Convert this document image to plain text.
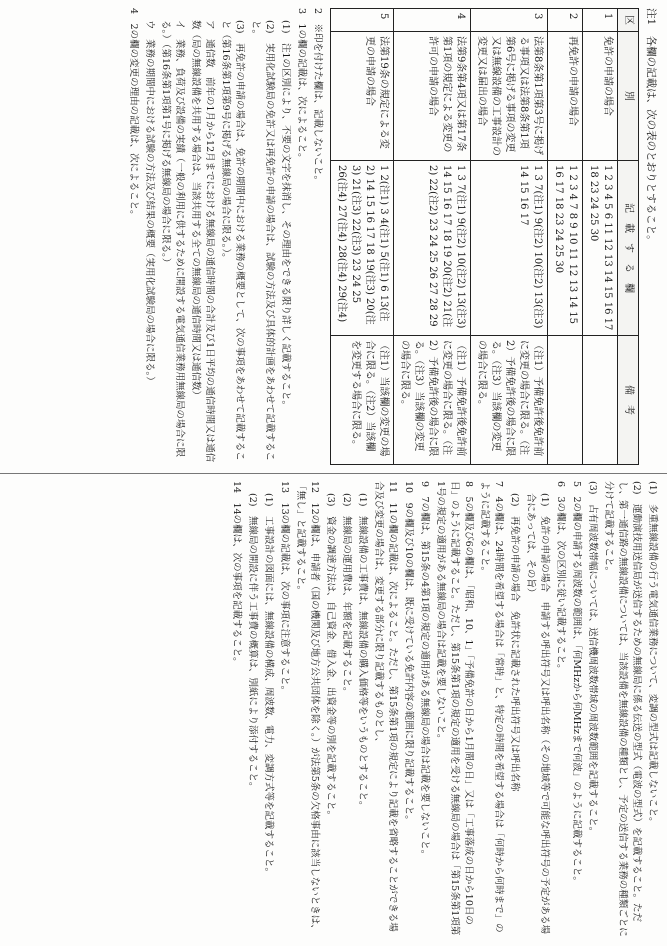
注1　各欄の記載は、次の表のとおりとすること。
区	別	記　載　す　る　欄	備　考
1	免許の申請の場合	1 2 3 4 5 6 11 12 13 14 15 16 17 18 23 24 25 30	
2	再免許の申請の場合	1 2 3 4 7 8 9 10 11 12 13 14 15 16 17 18 23 24 25 30	
3	法第8条第1項第3号に掲げる事項又は法第8条第1項第6号に掲げる事項の変更又は無線設備の工事設計の変更又は届出の場合	1 3 7(注1) 9(注2) 10(注2) 13(注3) 14 15 16 17	（注1）予備免許後免許前に変更の場合に限る。（注2）予備免許後の場合に限る。（注3）当該欄の変更の場合に限る。
4	法第9条第4項又は第17条第1項の規定による変更の許可の申請の場合	1 3 7(注1) 9(注2) 10(注2) 13(注3) 14 15 16 17 18 19 20(注2) 21(注2) 22(注2) 23 24 25 26 27 28 29	（注1）予備免許後免許前に変更の場合に限る。（注2）予備免許後の場合に限る。（注3）当該欄の変更の場合に限る。
5	法第19条の規定による変更の申請の場合	1 2(注1) 3 4(注1) 5(注1) 6 13(注2) 14 15 16 17 18 19(注3) 20(注3) 21(注3) 22(注3) 23 24 25 26(注4) 27(注4) 28(注4) 29(注4)	（注1）当該欄の変更の場合に限る。（注2）当該欄を変更する場合に限る。
2　※印を付けた欄は、記載しないこと。
3　1の欄の記載は、次によること。
(1)　注1の区別により、不要の文字を抹消し、その理由をできる限り詳しく記載すること。
(2)　実用化試験局の免許又は再免許の申請の場合は、試験の方法及び具体的計画をあわせて記載すること。
(3)　再免許の申請の場合は、免許の期間中における業務の概要として、次の事項をあわせて記載すること（第16条第1項第9号に掲げる無線局の場合に限る。）。
ア　通信数　前年の1月から12月までにおける無線局の通信時間の合計及び1日平均の通信時間又は通信数（局の無線設備を共用する場合は、当該共用する全ての無線局の通信時間又は通信数）
イ　業務、負荷及び設備の実績（一般の利用に供するために開設する電気通信業務用無線局の場合に限る。）（第16条第1項第1号に掲げる無線局の場合に限る。）
ウ　業務の期間中における試験の方法及び結果の概要（実用化試験局の場合に限る。）
4　2の欄の変更の理由の記載は、次によること。
(1)　多重無線設備の行う電気通信業務について、変調の型式は記載しないこと。
(2)　運動演技用送信局が送信するための無線局に係る伝送の型式（電波の型式）を記載すること。ただし、第一通信路の無線設備については、当該設備を無線設備の種類とし、予定の送信する業務の種類ごとに分けて記載すること。
(3)　占有周波数帯幅については、送信機周波数帯域の周波数範囲を記載すること。
5　2の欄の申請する周波数の範囲は、「何MHzから何MHzまで何波」のように記載すること。
6　3の欄は、次の区別に従い記載すること。
(1)　免許の申請の場合　申請する呼出符号又は呼出名称（その地域等で可能な呼出符号の予定がある場合にあっては、その旨）
(2)　再免許の申請の場合　免許状に記載された呼出符号又は呼出名称
7　4の欄は、24時間を希望する場合は「常時」と、特定の時間を希望する場合は「何時から何時まで」のように記載すること。
8　5の欄及び6の欄は、「昭和、10、1」「予備免許の日から1月間の日」又は「工事落成の日から10日の日」のように記載すること。ただし、第15条第1項の規定の適用を受ける無線局の場合は「第15条第1項第1号の規定の適用がある無線局の場合は記載を要しないこと。
9　7の欄は、第15条の4第1項の規定の適用がある無線局の場合は記載を要しないこと。
10　9の欄及び10の欄は、既に受けている免許内容の範囲に限り記載すること。
11　11の欄の記載は、次によること。ただし、第15条第1項の規定により記載を省略することができる場合及び変更の場合は、変更する部分に限り記載するものとし、
(1)　無線設備の工事費は、無線設備の購入価格等をいうものとすること。
(2)　無線局の運用費は、年額を記載すること。
(3)　資金の調達方法は、自己資金、借入金、出資金等の別を記載すること。
12　12の欄は、申請者（国の機関及び地方公共団体を除く。）が法第5条の欠格事由に該当しないときは、「無し」と記載すること。
13　13の欄の記載は、次の事項に注意すること。
(1)　工事設計の図面には、無線設備の構成、周波数、電力、変調方式等を記載すること。
(2)　無線局の開設に伴う工事費の概算は、別紙により添付すること。
14　14の欄は、次の事項を記載すること。
